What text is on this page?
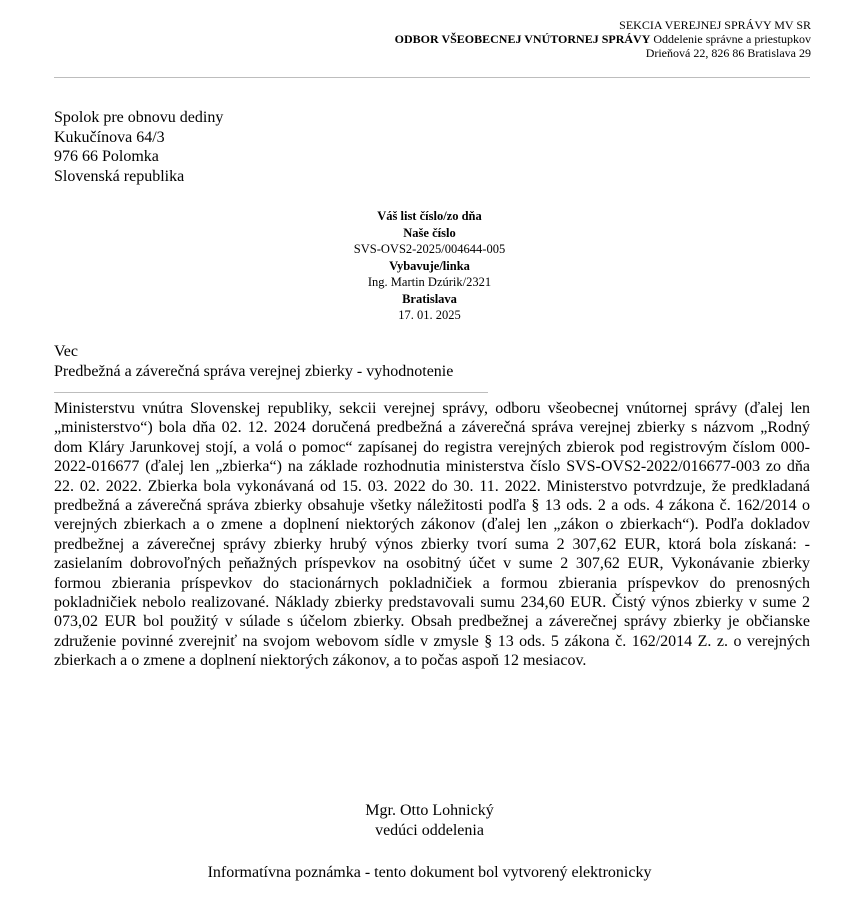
SEKCIA VEREJNEJ SPRÁVY MV SR
ODBOR VŠEOBECNEJ VNÚTORNEJ SPRÁVY Oddelenie správne a priestupkov
Drieňová 22, 826 86 Bratislava 29
Spolok pre obnovu dediny
Kukučínova 64/3
976 66 Polomka
Slovenská republika
Váš list číslo/zo dňa
Naše číslo
SVS-OVS2-2025/004644-005
Vybavuje/linka
Ing. Martin Dzúrik/2321
Bratislava
17. 01. 2025
Vec
Predbežná a záverečná správa verejnej zbierky - vyhodnotenie

Ministerstvu vnútra Slovenskej republiky, sekcii verejnej správy, odboru všeobecnej vnútornej správy (ďalej len „ministerstvo“) bola dňa 02. 12. 2024 doručená predbežná a záverečná správa verejnej zbierky s názvom „Rodný dom Kláry Jarunkovej stojí, a volá o pomoc“ zapísanej do registra verejných zbierok pod registrovým číslom 000-2022-016677 (ďalej len „zbierka“) na základe rozhodnutia ministerstva číslo SVS-OVS2-2022/016677-003 zo dňa 22. 02. 2022. Zbierka bola vykonávaná od 15. 03. 2022 do 30. 11. 2022. Ministerstvo potvrdzuje, že predkladaná predbežná a záverečná správa zbierky obsahuje všetky náležitosti podľa § 13 ods. 2 a ods. 4 zákona č. 162/2014 o verejných zbierkach a o zmene a doplnení niektorých zákonov (ďalej len „zákon o zbierkach“). Podľa dokladov predbežnej a záverečnej správy zbierky hrubý výnos zbierky tvorí suma 2 307,62 EUR, ktorá bola získaná: - zasielaním dobrovoľných peňažných príspevkov na osobitný účet v sume 2 307,62 EUR, Vykonávanie zbierky formou zbierania príspevkov do stacionárnych pokladničiek a formou zbierania príspevkov do prenosných pokladničiek nebolo realizované. Náklady zbierky predstavovali sumu 234,60 EUR. Čistý výnos zbierky v sume 2 073,02 EUR bol použitý v súlade s účelom zbierky. Obsah predbežnej a záverečnej správy zbierky je občianske združenie povinné zverejniť na svojom webovom sídle v zmysle § 13 ods. 5 zákona č. 162/2014 Z. z. o verejných zbierkach a o zmene a doplnení niektorých zákonov, a to počas aspoň 12 mesiacov.

Mgr. Otto Lohnický
vedúci oddelenia
Informatívna poznámka - tento dokument bol vytvorený elektronicky
